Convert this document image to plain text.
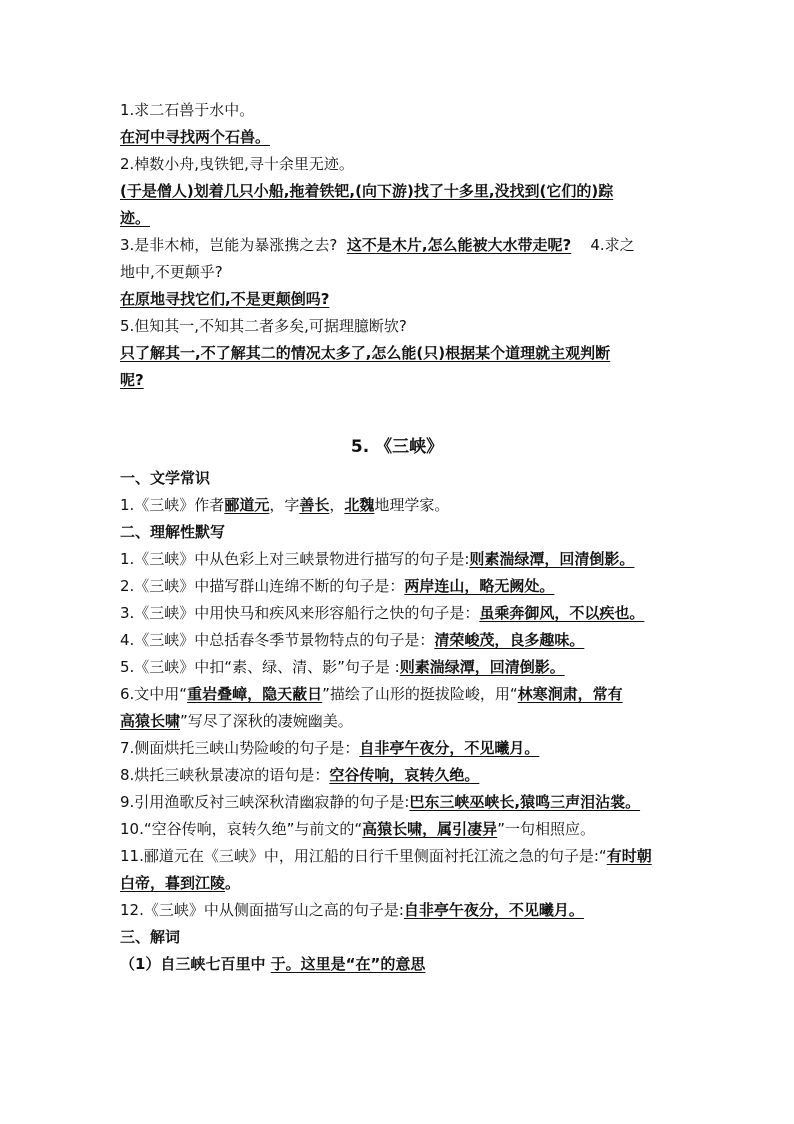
1.求二石兽于水中。
在河中寻找两个石兽。
2.棹数小舟,曳铁钯,寻十余里无迹。
(于是僧人)划着几只小船,拖着铁钯,(向下游)找了十多里,没找到(它们的)踪
迹。
3.是非木柿，岂能为暴涨携之去? 这不是木片,怎么能被大水带走呢? 4.求之
地中,不更颠乎?
在原地寻找它们,不是更颠倒吗?
5.但知其一,不知其二者多矣,可据理臆断欤?
只了解其一,不了解其二的情况太多了,怎么能(只)根据某个道理就主观判断
呢?
5. 《三峡》
一、文学常识
1.《三峡》作者郦道元，字善长，北魏地理学家。
二、理解性默写
1.《三峡》中从色彩上对三峡景物进行描写的句子是:则素湍绿潭，回清倒影。
2.《三峡》中描写群山连绵不断的句子是：两岸连山，略无阙处。
3.《三峡》中用快马和疾风来形容船行之快的句子是：虽乘奔御风，不以疾也。
4.《三峡》中总括春冬季节景物特点的句子是：清荣峻茂，良多趣味。
5.《三峡》中扣“素、绿、清、影”句子是 :则素湍绿潭，回清倒影。
6.文中用“重岩叠嶂，隐天蔽日”描绘了山形的挺拔险峻，用“林寒涧肃，常有
高猿长啸”写尽了深秋的凄婉幽美。
7.侧面烘托三峡山势险峻的句子是：自非亭午夜分，不见曦月。
8.烘托三峡秋景凄凉的语句是：空谷传响，哀转久绝。
9.引用渔歌反衬三峡深秋清幽寂静的句子是:巴东三峡巫峡长,猿鸣三声泪沾裳。
10.“空谷传响，哀转久绝”与前文的“高猿长啸，属引凄异”一句相照应。
11.郦道元在《三峡》中，用江船的日行千里侧面衬托江流之急的句子是:“有时朝
白帝，暮到江陵。
12.《三峡》中从侧面描写山之高的句子是:自非亭午夜分，不见曦月。
三、解词
（1）自三峡七百里中 于。这里是“在”的意思
